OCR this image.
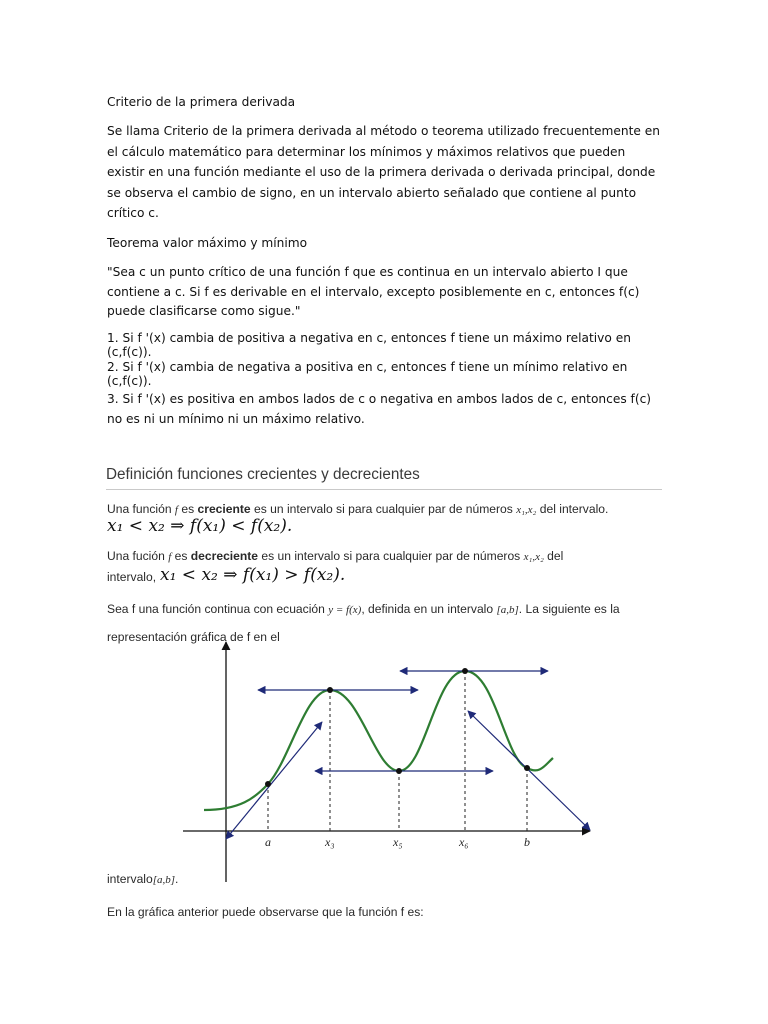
Criterio de la primera derivada

Se llama Criterio de la primera derivada al método o teorema utilizado frecuentemente en el cálculo matemático para determinar los mínimos y máximos relativos que pueden existir en una función mediante el uso de la primera derivada o derivada principal, donde se observa el cambio de signo, en un intervalo abierto señalado que contiene al punto crítico c.

Teorema valor máximo y mínimo

"Sea c un punto crítico de una función f que es continua en un intervalo abierto I que contiene a c. Si f es derivable en el intervalo, excepto posiblemente en c, entonces f(c) puede clasificarse como sigue."

1. Si f '(x) cambia de positiva a negativa en c, entonces f tiene un máximo relativo en (c,f(c)).

2. Si f '(x) cambia de negativa a positiva en c, entonces f tiene un mínimo relativo en (c,f(c)).

3. Si f '(x) es positiva en ambos lados de c o negativa en ambos lados de c, entonces f(c) no es ni un mínimo ni un máximo relativo.

Definición funciones crecientes y decrecientes
Una función f es creciente es un intervalo si para cualquier par de números x₁,x₂ del intervalo.
x₁ < x₂ ⇒ f(x₁) < f(x₂).
Una fución f es decreciente es un intervalo si para cualquier par de números x₁,x₂ del
intervalo, x₁ < x₂ ⇒ f(x₁) > f(x₂).
Sea f una función continua con ecuación y = f(x), definida en un intervalo [a,b]. La siguiente es la
representación gráfica de f en el
a	x₃	x₅	x₆	b
intervalo[a,b].
En la gráfica anterior puede observarse que la función f es:
